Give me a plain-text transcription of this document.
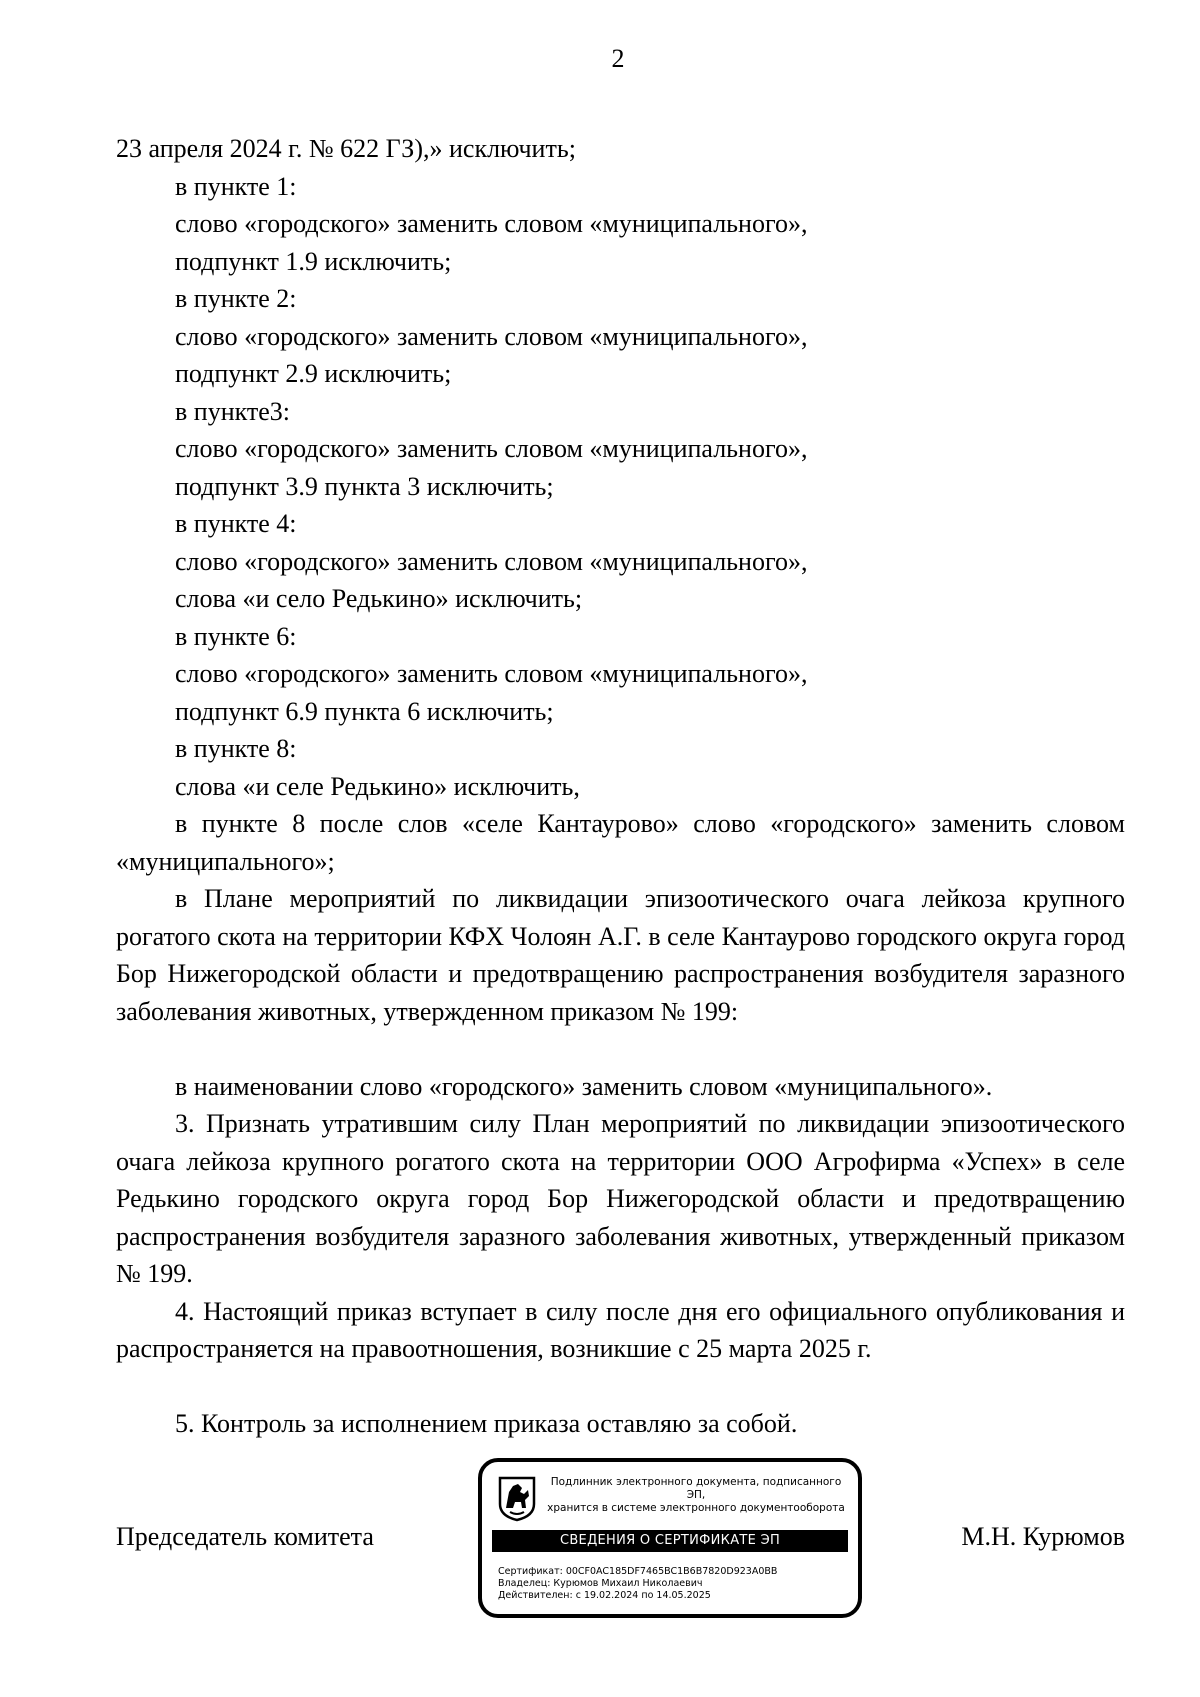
2
23 апреля 2024 г. № 622 ГЗ),» исключить;
в пункте 1:
слово «городского» заменить словом «муниципального»,
подпункт 1.9 исключить;
в пункте 2:
слово «городского» заменить словом «муниципального»,
подпункт 2.9 исключить;
в пункте3:
слово «городского» заменить словом «муниципального»,
подпункт 3.9 пункта 3 исключить;
в пункте 4:
слово «городского» заменить словом «муниципального»,
слова «и село Редькино» исключить;
в пункте 6:
слово «городского» заменить словом «муниципального»,
подпункт 6.9 пункта 6 исключить;
в пункте 8:
слова «и селе Редькино» исключить,
в пункте 8 после слов «селе Кантаурово» слово «городского» заменить словом «муниципального»;
в Плане мероприятий по ликвидации эпизоотического очага лейкоза крупного рогатого скота на территории КФХ Чолоян А.Г. в селе Кантаурово городского округа город Бор Нижегородской области и предотвращению распространения возбудителя заразного заболевания животных, утвержденном приказом № 199:
в наименовании слово «городского» заменить словом «муниципального».
3. Признать утратившим силу План мероприятий по ликвидации эпизоотического очага лейкоза крупного рогатого скота на территории ООО Агрофирма «Успех» в селе Редькино городского округа город Бор Нижегородской области и предотвращению распространения возбудителя заразного заболевания животных, утвержденный приказом № 199.
4. Настоящий приказ вступает в силу после дня его официального опубликования и распространяется на правоотношения, возникшие с 25 марта 2025 г.
5. Контроль за исполнением приказа оставляю за собой.
Председатель комитета	М.Н. Курюмов
Подлинник электронного документа, подписанного ЭП,
хранится в системе электронного документооборота
СВЕДЕНИЯ О СЕРТИФИКАТЕ ЭП
Сертификат: 00CF0AC185DF7465BC1B6B7820D923A0BB
Владелец: Курюмов Михаил Николаевич
Действителен: с 19.02.2024 по 14.05.2025
